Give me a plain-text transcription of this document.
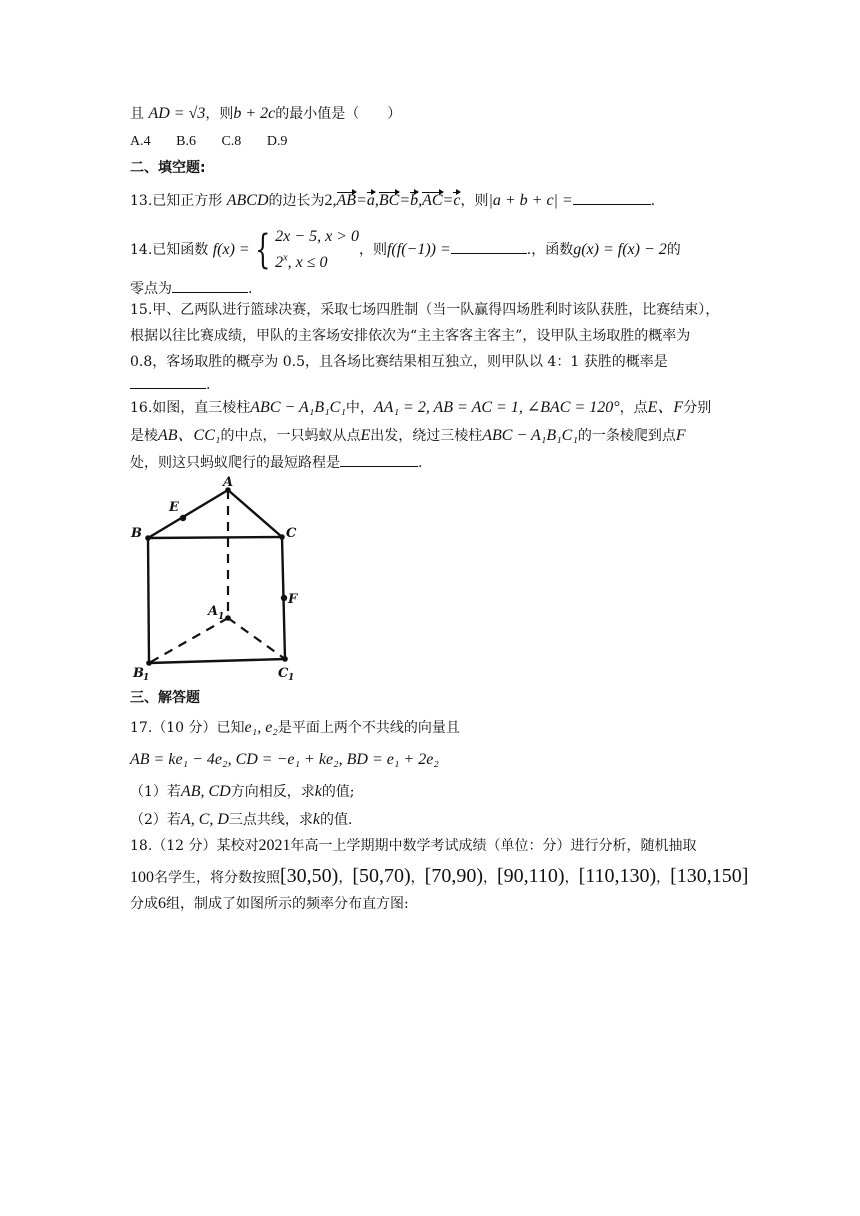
且 AD = √3，则b + 2c的最小值是（　　）
A.4 B.6 C.8 D.9
二、填空题:
13.已知正方形 ABCD的边长为2,AB=a,BC=b,AC=c，则|a + b + c| =	.
14.已知函数 f(x) = { 2x − 5, x > 0
2$^x$, x ≤ 0，则f(f(−1)) =	.，函数g(x) = f(x) − 2的
零点为	.
15.甲、乙两队进行篮球决赛，采取七场四胜制（当一队赢得四场胜利时该队获胜，比赛结束），
根据以往比赛成绩，甲队的主客场安排依次为“主主客客主客主”，设甲队主场取胜的概率为
0.8，客场取胜的概亭为 0.5，且各场比赛结果相互独立，则甲队以 4：1 获胜的概率是
.
16.如图，直三棱柱ABC − A₁B₁C₁中，AA₁ = 2, AB = AC = 1, ∠BAC = 120°，点E、F分别
是棱AB、CC₁的中点，一只蚂蚁从点E出发，绕过三棱柱ABC − A₁B₁C₁的一条棱爬到点F
处，则这只蚂蚁爬行的最短路程是	.
A
B	C
E
F
A 1
B 1	C 1
三、解答题
17.（10 分）已知e₁, e₂是平面上两个不共线的向量且
AB = ke₁ − 4e₂, CD = −e₁ + ke₂, BD = e₁ + 2e₂
（1）若AB, CD方向相反，求k的值;
（2）若A, C, D三点共线，求k的值.
18.（12 分）某校对2021年高一上学期期中数学考试成绩（单位：分）进行分析，随机抽取
100名学生，将分数按照[30,50)，[50,70)，[70,90)，[90,110)，[110,130)，[130,150]
分成6组，制成了如图所示的频率分布直方图:
